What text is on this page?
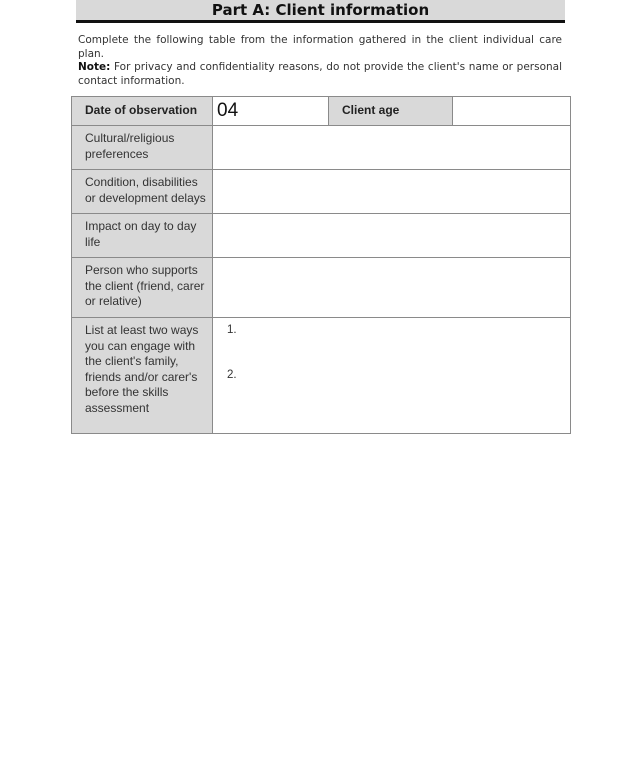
Part A: Client information

Complete the following table from the information gathered in the client individual care plan.

Note: For privacy and confidentiality reasons, do not provide the client's name or personal contact information.

Date of observation	04	Client age	
Cultural/religious preferences			
Condition, disabilities or development delays			
Impact on day to day life			
Person who supports the client (friend, carer or relative)			
List at least two ways you can engage with the client's family, friends and/or carer's before the skills assessment	1.
2.		
